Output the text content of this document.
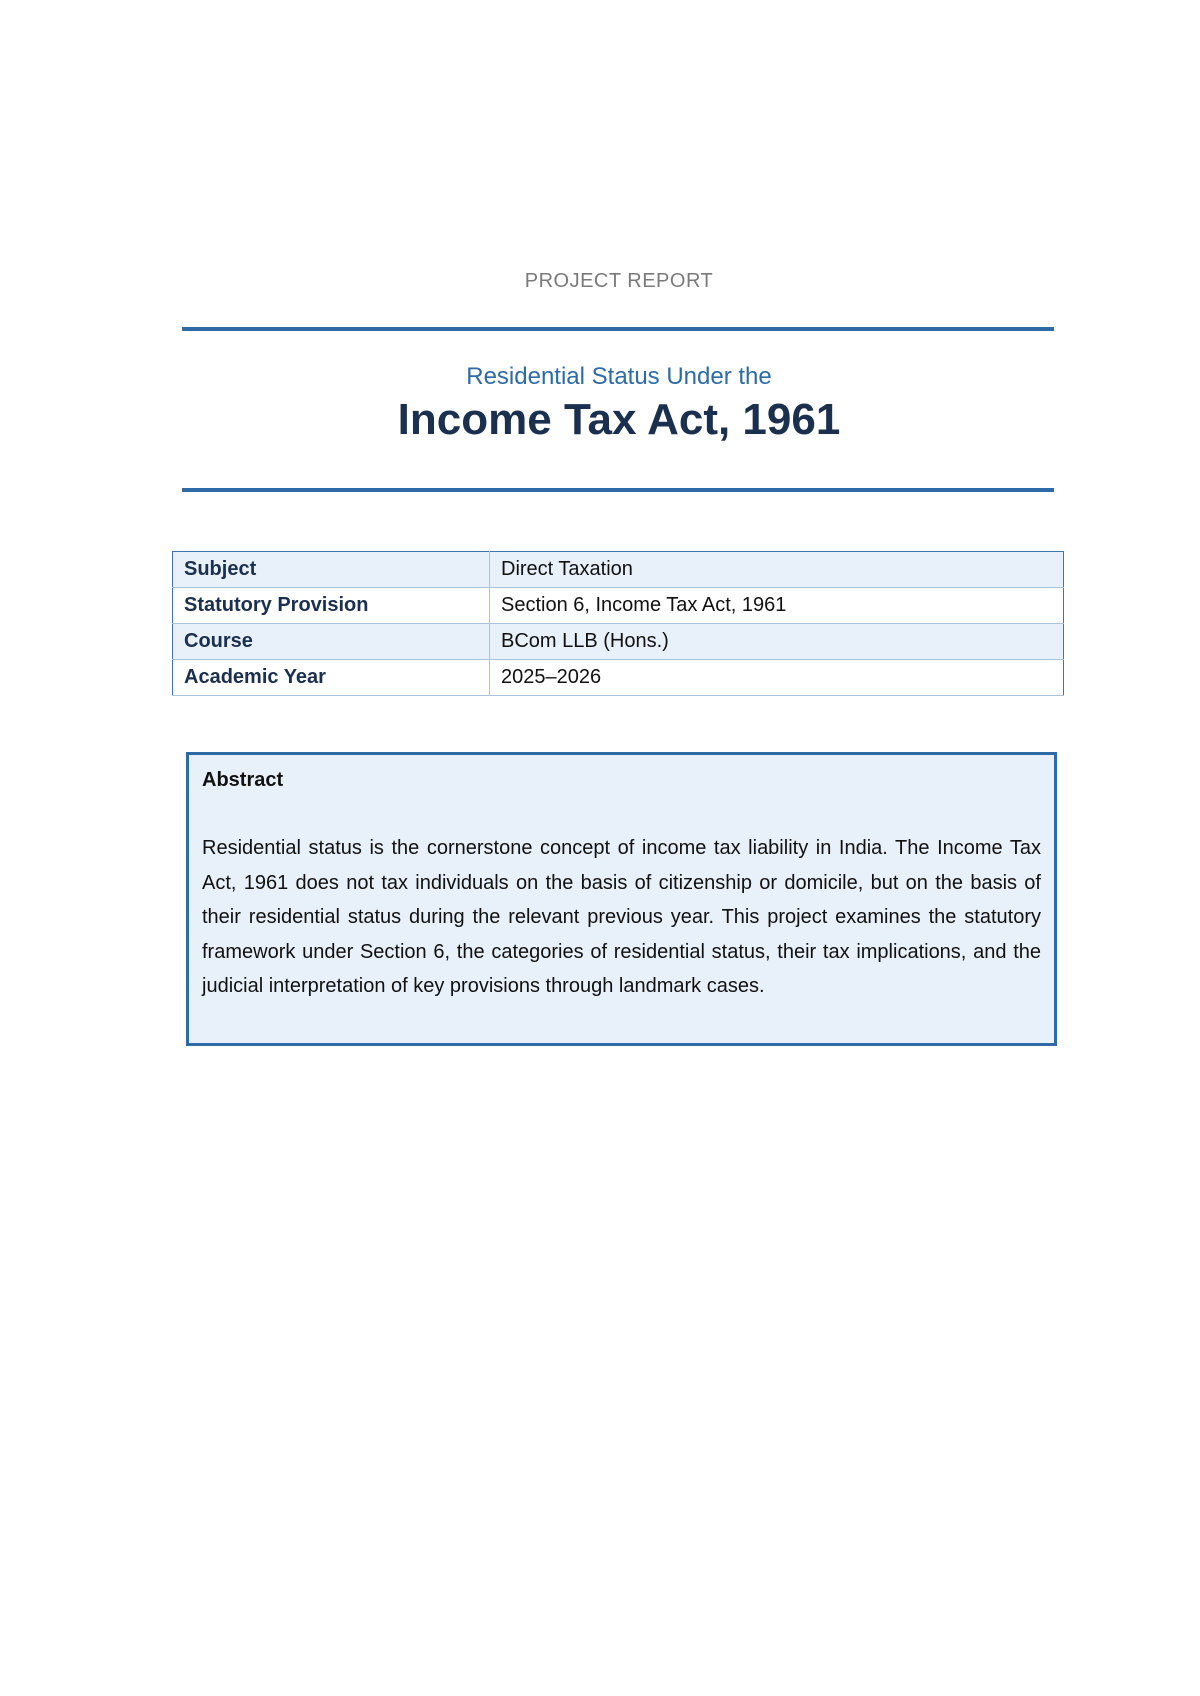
PROJECT REPORT
Residential Status Under the
Income Tax Act, 1961
Subject	Direct Taxation
Statutory Provision	Section 6, Income Tax Act, 1961
Course	BCom LLB (Hons.)
Academic Year	2025–2026
Abstract
Residential status is the cornerstone concept of income tax liability in India. The Income Tax Act, 1961 does not tax individuals on the basis of citizenship or domicile, but on the basis of their residential status during the relevant previous year. This project examines the statutory framework under Section 6, the categories of residential status, their tax implications, and the judicial interpretation of key provisions through landmark cases.
